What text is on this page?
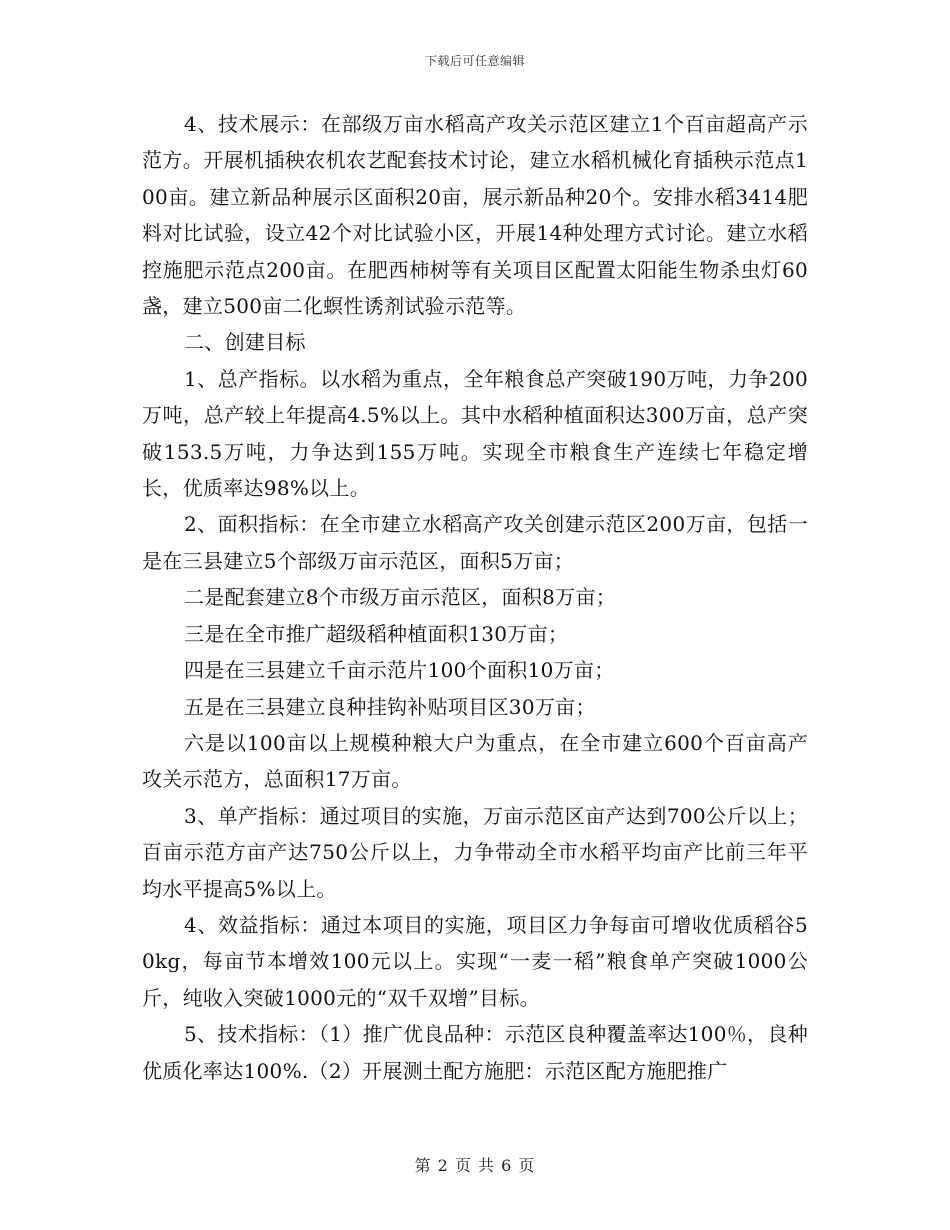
下载后可任意编辑

4、技术展示：在部级万亩水稻高产攻关示范区建立1个百亩超高产示范方。开展机插秧农机农艺配套技术讨论，建立水稻机械化育插秧示范点100亩。建立新品种展示区面积20亩，展示新品种20个。安排水稻3414肥料对比试验，设立42个对比试验小区，开展14种处理方式讨论。建立水稻控施肥示范点200亩。在肥西柿树等有关项目区配置太阳能生物杀虫灯60盏，建立500亩二化螟性诱剂试验示范等。

二、创建目标

1、总产指标。以水稻为重点，全年粮食总产突破190万吨，力争200万吨，总产较上年提高4.5%以上。其中水稻种植面积达300万亩，总产突破153.5万吨，力争达到155万吨。实现全市粮食生产连续七年稳定增长，优质率达98%以上。

2、面积指标：在全市建立水稻高产攻关创建示范区200万亩，包括一是在三县建立5个部级万亩示范区，面积5万亩；

二是配套建立8个市级万亩示范区，面积8万亩；

三是在全市推广超级稻种植面积130万亩；

四是在三县建立千亩示范片100个面积10万亩；

五是在三县建立良种挂钩补贴项目区30万亩；

六是以100亩以上规模种粮大户为重点，在全市建立600个百亩高产攻关示范方，总面积17万亩。

3、单产指标：通过项目的实施，万亩示范区亩产达到700公斤以上；百亩示范方亩产达750公斤以上，力争带动全市水稻平均亩产比前三年平均水平提高5%以上。

4、效益指标：通过本项目的实施，项目区力争每亩可增收优质稻谷50kg，每亩节本增效100元以上。实现“一麦一稻”粮食单产突破1000公斤，纯收入突破1000元的“双千双增”目标。

5、技术指标：（1）推广优良品种：示范区良种覆盖率达100％，良种优质化率达100%.（2）开展测土配方施肥：示范区配方施肥推广

第 2 页 共 6 页
